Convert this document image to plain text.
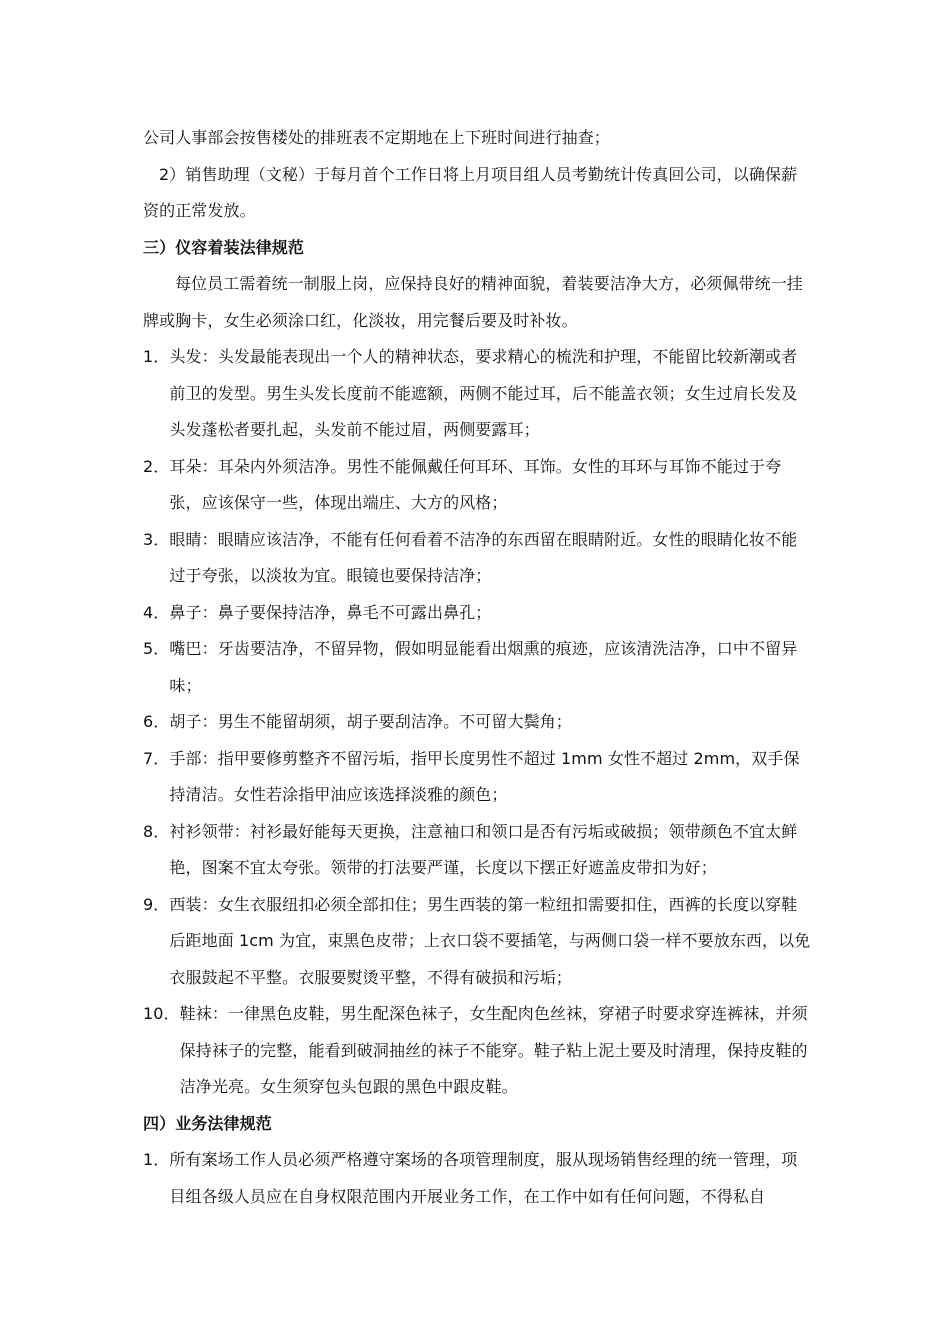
公司人事部会按售楼处的排班表不定期地在上下班时间进行抽查；

2）销售助理（文秘）于每月首个工作日将上月项目组人员考勤统计传真回公司，以确保薪资的正常发放。

三）仪容着装法律规范

每位员工需着统一制服上岗，应保持良好的精神面貌，着装要洁净大方，必须佩带统一挂牌或胸卡，女生必须涂口红，化淡妆，用完餐后要及时补妆。

1． 头发：头发最能表现出一个人的精神状态，要求精心的梳洗和护理，不能留比较新潮或者前卫的发型。男生头发长度前不能遮额，两侧不能过耳，后不能盖衣领；女生过肩长发及头发蓬松者要扎起，头发前不能过眉，两侧要露耳；
2． 耳朵：耳朵内外须洁净。男性不能佩戴任何耳环、耳饰。女性的耳环与耳饰不能过于夸张，应该保守一些，体现出端庄、大方的风格；
3． 眼睛：眼睛应该洁净，不能有任何看着不洁净的东西留在眼睛附近。女性的眼睛化妆不能过于夸张，以淡妆为宜。眼镜也要保持洁净；
4． 鼻子：鼻子要保持洁净，鼻毛不可露出鼻孔；
5． 嘴巴：牙齿要洁净，不留异物，假如明显能看出烟熏的痕迹，应该清洗洁净，口中不留异味；
6． 胡子：男生不能留胡须，胡子要刮洁净。不可留大鬓角；
7． 手部：指甲要修剪整齐不留污垢，指甲长度男性不超过 1mm 女性不超过 2mm，双手保持清洁。女性若涂指甲油应该选择淡雅的颜色；
8． 衬衫领带：衬衫最好能每天更换，注意袖口和领口是否有污垢或破损；领带颜色不宜太鲜艳，图案不宜太夸张。领带的打法要严谨，长度以下摆正好遮盖皮带扣为好；
9． 西装：女生衣服纽扣必须全部扣住；男生西装的第一粒纽扣需要扣住，西裤的长度以穿鞋后距地面 1cm 为宜，束黑色皮带；上衣口袋不要插笔，与两侧口袋一样不要放东西，以免衣服鼓起不平整。衣服要熨烫平整，不得有破损和污垢；
10． 鞋袜：一律黑色皮鞋，男生配深色袜子，女生配肉色丝袜，穿裙子时要求穿连裤袜，并须保持袜子的完整，能看到破洞抽丝的袜子不能穿。鞋子粘上泥土要及时清理，保持皮鞋的洁净光亮。女生须穿包头包跟的黑色中跟皮鞋。

四）业务法律规范

1． 所有案场工作人员必须严格遵守案场的各项管理制度，服从现场销售经理的统一管理，项目组各级人员应在自身权限范围内开展业务工作，在工作中如有任何问题，不得私自
